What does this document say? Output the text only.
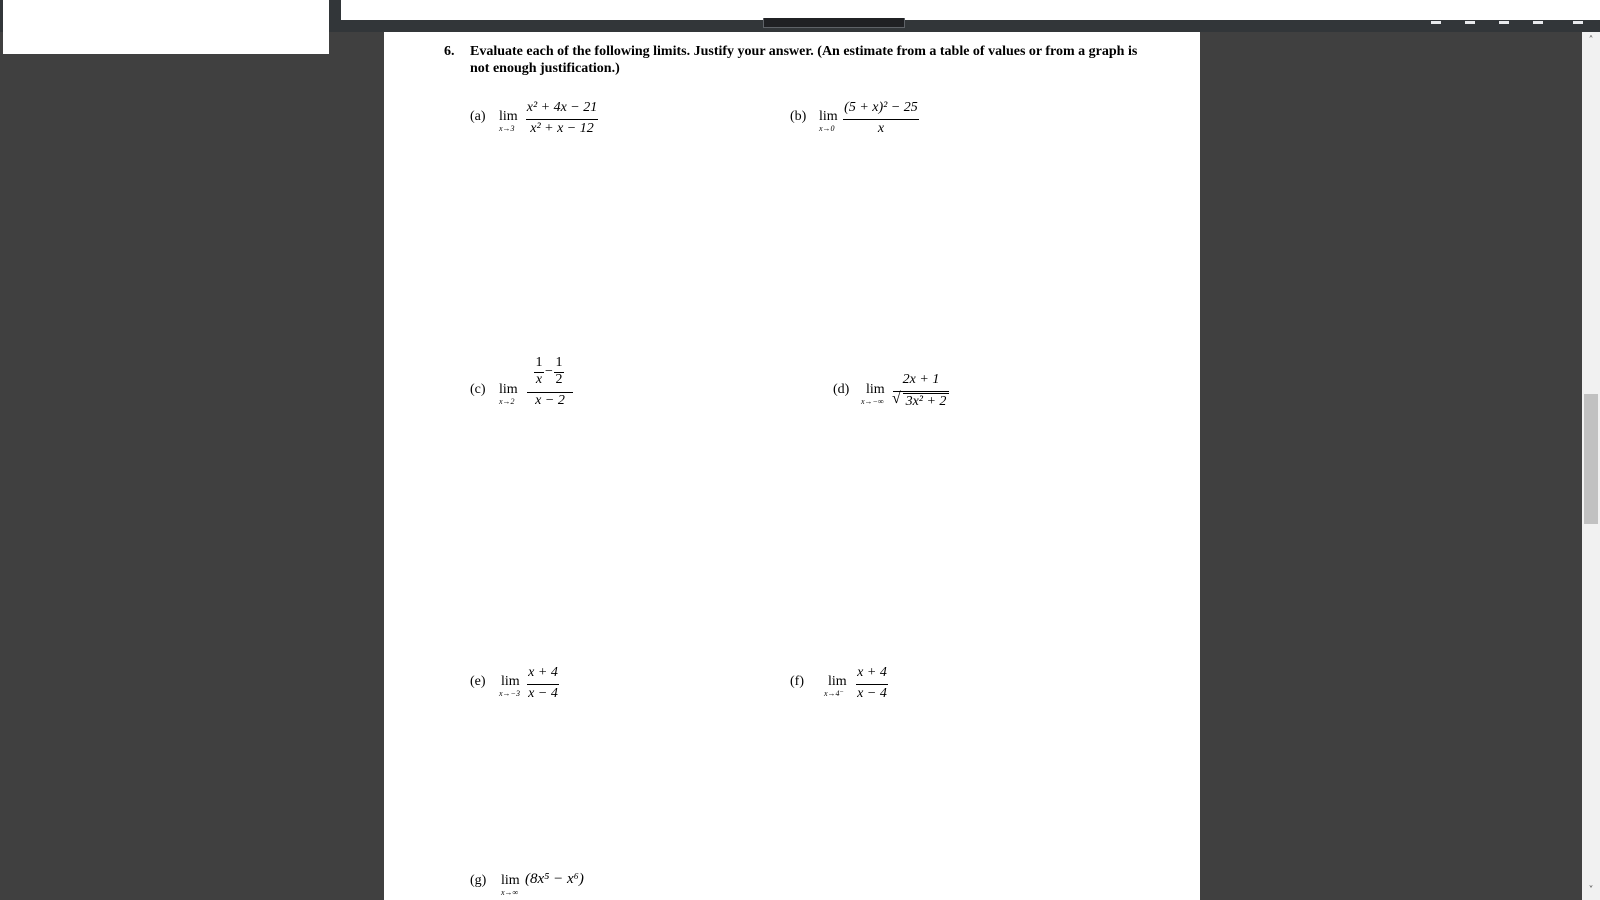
6. Evaluate each of the following limits. Justify your answer. (An estimate from a table of values or from a graph is not enough justification.)
(a) lim
x→3
x² + 4x − 21
x² + x − 12
(b) lim
x→0
(5 + x)² − 25
x
(c) lim
x→2
1
x
−
1
2
x − 2
(d) lim
x→−∞
2x + 1
√ 3x² + 2
(e) lim
x→−3
x + 4
x − 4
(f) lim
x→4⁻
x + 4
x − 4
(g) lim
x→∞
(8x⁵ − x⁶)
˄
˅
